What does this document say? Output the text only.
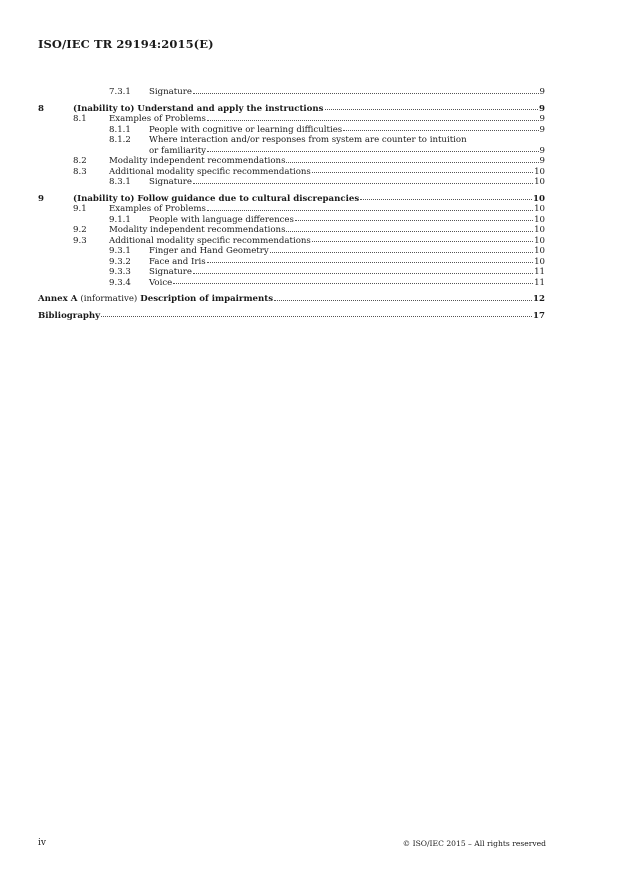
ISO/IEC TR 29194:2015(E)
7.3.1	Signature	9
8	(Inability to) Understand and apply the instructions	9
8.1	Examples of Problems	9
8.1.1	People with cognitive or learning difficulties	9
8.1.2	Where interaction and/or responses from system are counter to intuition
or familiarity	9
8.2	Modality independent recommendations	9
8.3	Additional modality specific recommendations	10
8.3.1	Signature	10
9	(Inability to) Follow guidance due to cultural discrepancies	10
9.1	Examples of Problems	10
9.1.1	People with language differences	10
9.2	Modality independent recommendations	10
9.3	Additional modality specific recommendations	10
9.3.1	Finger and Hand Geometry	10
9.3.2	Face and Iris	10
9.3.3	Signature	11
9.3.4	Voice	11
Annex A (informative) Description of impairments	12
Bibliography	17
iv	© ISO/IEC 2015 – All rights reserved
